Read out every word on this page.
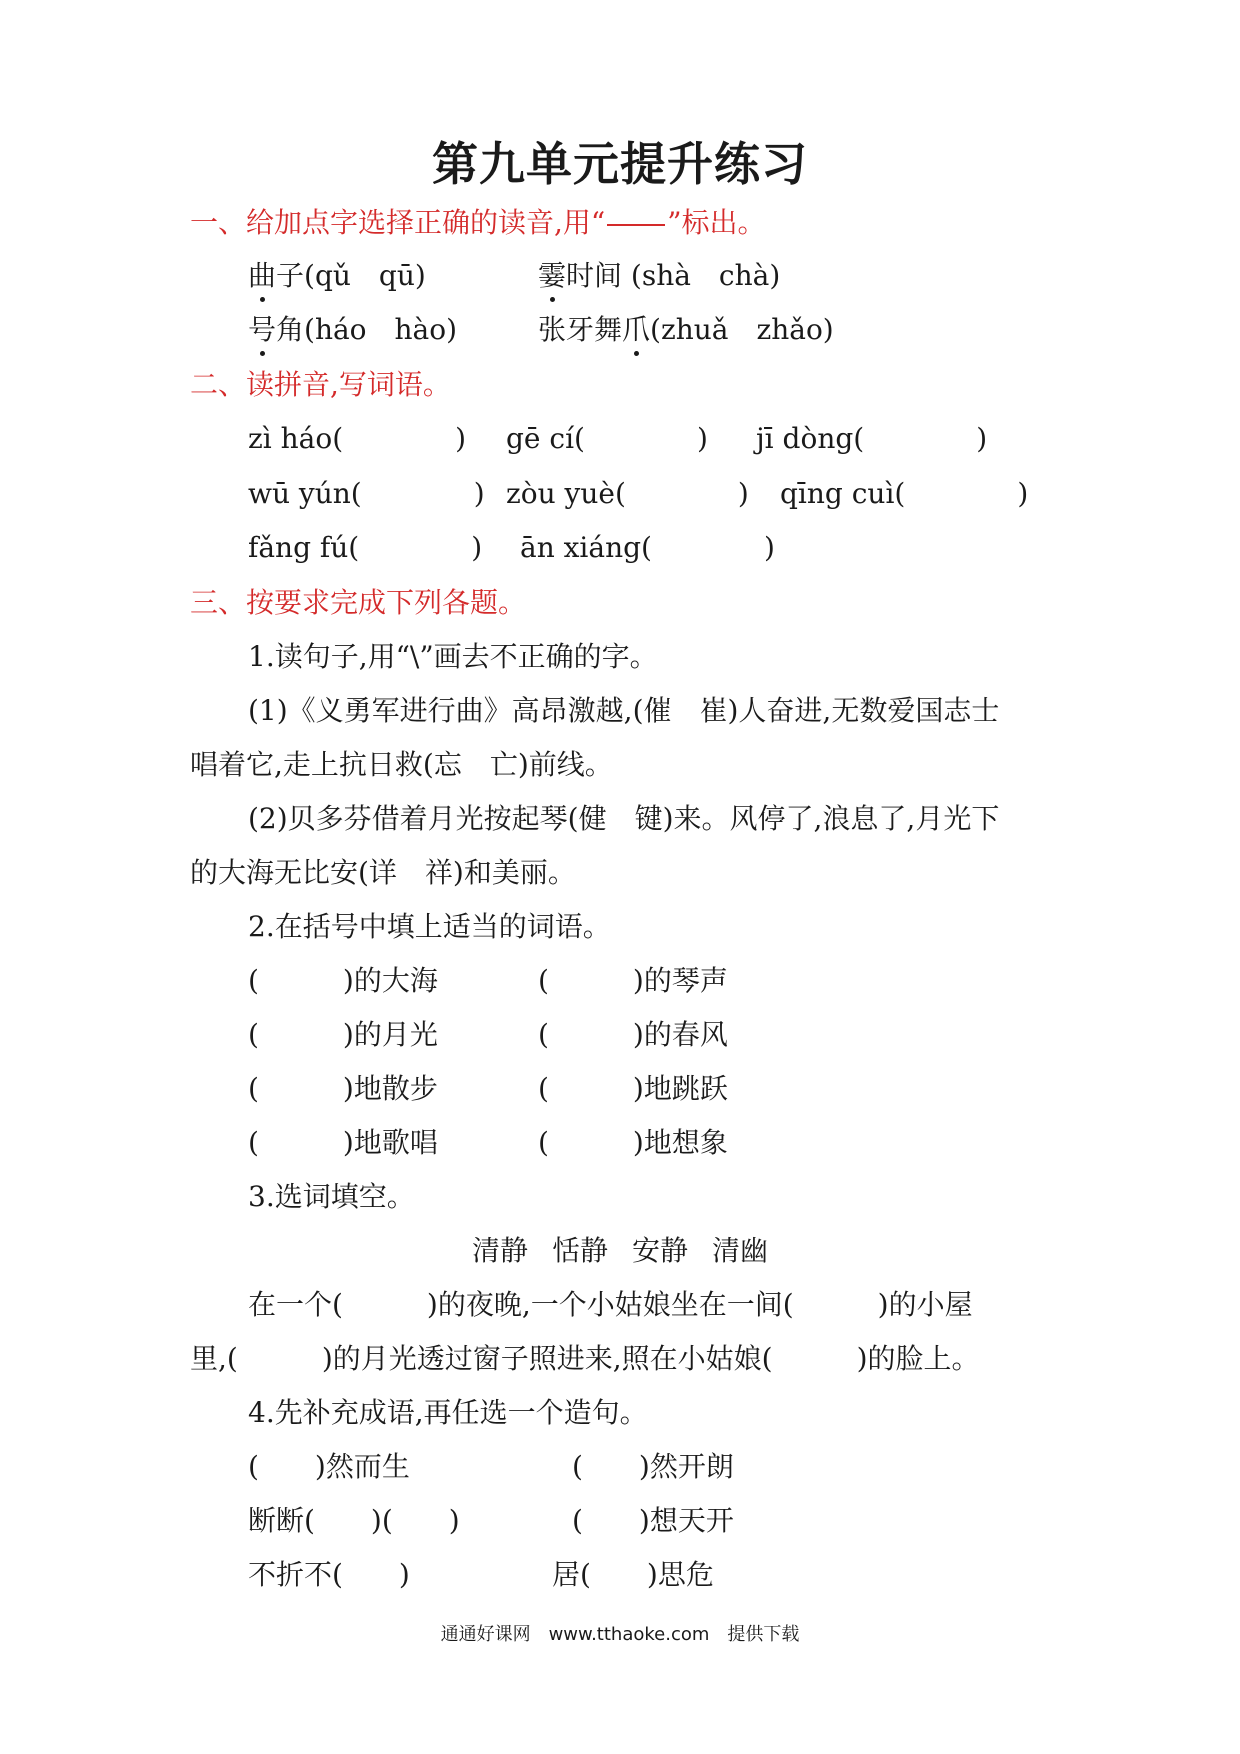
第九单元提升练习
一、给加点字选择正确的读音,用“ ”标出。
曲子(qǔ　qū)	霎时间 (shà　chà)
号角(háo　hào)	张牙舞爪(zhuǎ　zhǎo)
二、读拼音,写词语。
zì háo(　　　　) gē cí(　　　　) jī dòng(　　　　)
wū yún(　　　　) zòu yuè(　　　　) qīng cuì(　　　　)
fǎng fú(　　　　) ān xiáng(　　　　)
三、按要求完成下列各题。
1.读句子,用“\”画去不正确的字。
(1)《义勇军进行曲》高昂激越,(催　崔)人奋进,无数爱国志士
唱着它,走上抗日救(忘　亡)前线。
(2)贝多芬借着月光按起琴(健　键)来。风停了,浪息了,月光下
的大海无比安(详　祥)和美丽。
2.在括号中填上适当的词语。
(　　　)的大海	(　　　)的琴声
(　　　)的月光	(　　　)的春风
(　　　)地散步	(　　　)地跳跃
(　　　)地歌唱	(　　　)地想象
3.选词填空。
清静 恬静 安静 清幽
在一个(　　　)的夜晚,一个小姑娘坐在一间(　　　)的小屋
里,(　　　)的月光透过窗子照进来,照在小姑娘(　　　)的脸上。
4.先补充成语,再任选一个造句。
(　　)然而生	(　　)然开朗
断断(　　)(　　)	(　　)想天开
不折不(　　)	居(　　)思危
通通好课网　www.tthaoke.com　提供下载
